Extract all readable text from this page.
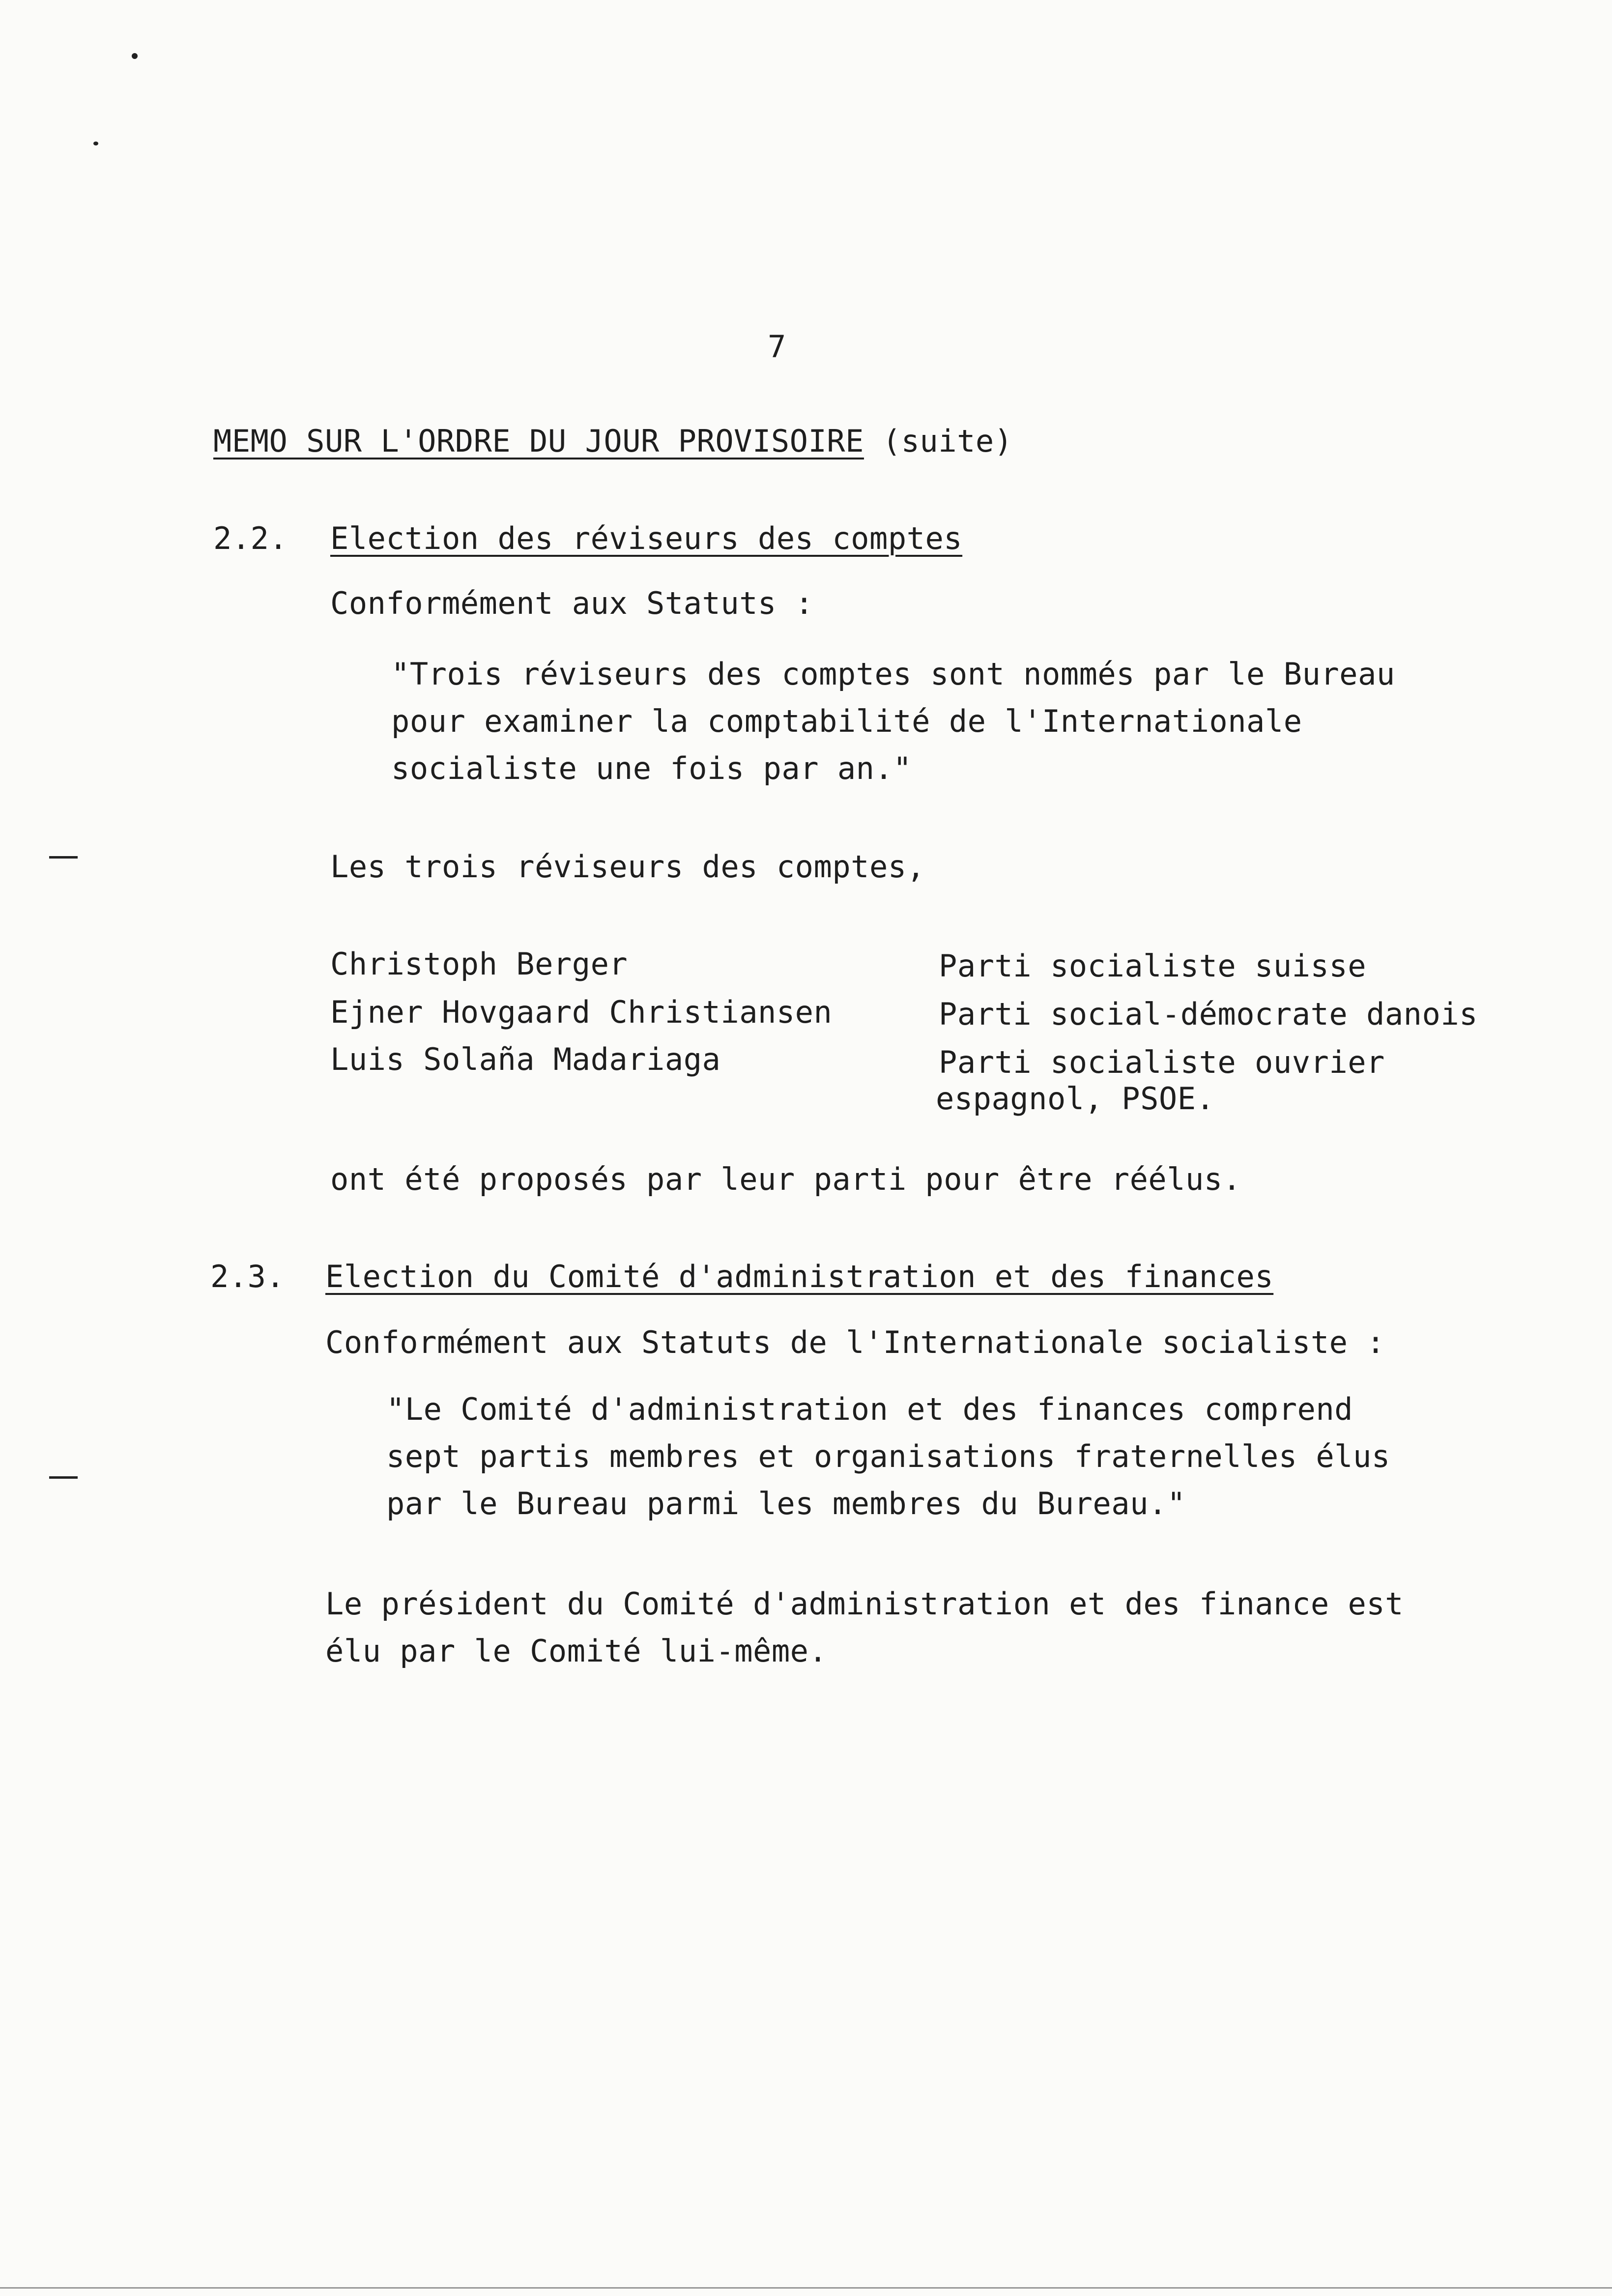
7
MEMO SUR L'ORDRE DU JOUR PROVISOIRE (suite)
2.2. Election des réviseurs des comptes
Conformément aux Statuts :

"Trois réviseurs des comptes sont nommés par le Bureau

pour examiner la comptabilité de l'Internationale

socialiste une fois par an."

Les trois réviseurs des comptes,
Christoph Berger	Parti socialiste suisse
Ejner Hovgaard Christiansen	Parti social-démocrate danois
Luis Solaña Madariaga	Parti socialiste ouvrier
espagnol, PSOE.
ont été proposés par leur parti pour être réélus.
2.3. Election du Comité d'administration et des finances
Conformément aux Statuts de l'Internationale socialiste :

"Le Comité d'administration et des finances comprend

sept partis membres et organisations fraternelles élus

par le Bureau parmi les membres du Bureau."

Le président du Comité d'administration et des finance est

élu par le Comité lui-même.
